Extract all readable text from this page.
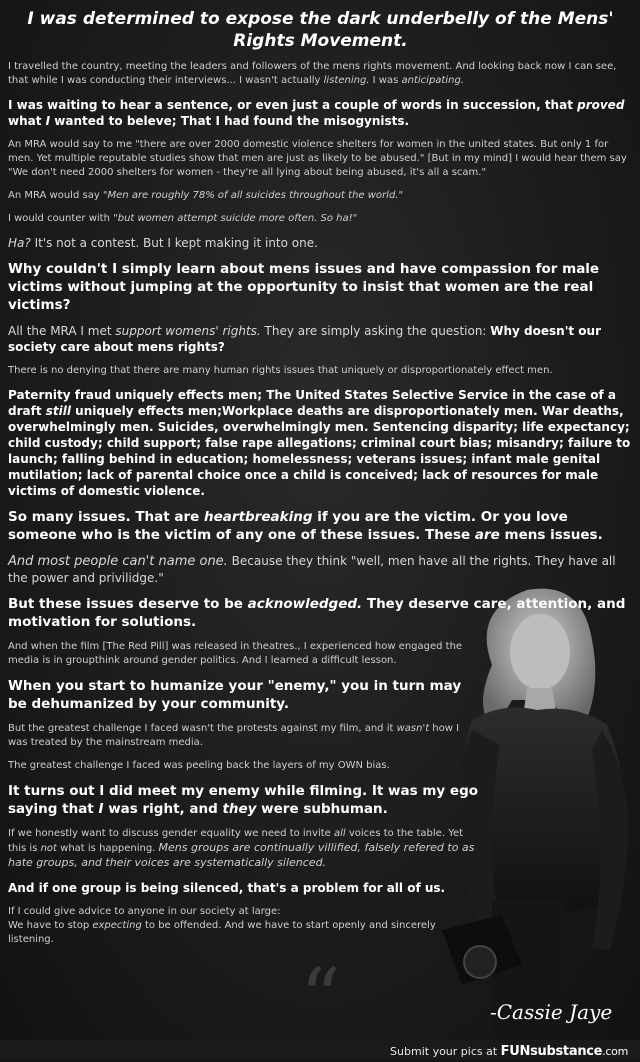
“
I was determined to expose the dark underbelly of the Mens' Rights Movement.

I travelled the country, meeting the leaders and followers of the mens rights movement. And looking back now I can see, that while I was conducting their interviews... I wasn't actually listening. I was anticipating.

I was waiting to hear a sentence, or even just a couple of words in succession, that proved what I wanted to beleve; That I had found the misogynists.

An MRA would say to me "there are over 2000 domestic violence shelters for women in the united states. But only 1 for men. Yet multiple reputable studies show that men are just as likely to be abused." [But in my mind] I would hear them say "We don't need 2000 shelters for women - they're all lying about being abused, it's all a scam."

An MRA would say "Men are roughly 78% of all suicides throughout the world."

I would counter with "but women attempt suicide more often. So ha!"

Ha? It's not a contest. But I kept making it into one.

Why couldn't I simply learn about mens issues and have compassion for male victims without jumping at the opportunity to insist that women are the real victims?

All the MRA I met support womens' rights. They are simply asking the question: Why doesn't our society care about mens rights?

There is no denying that there are many human rights issues that uniquely or disproportionately effect men.

Paternity fraud uniquely effects men; The United States Selective Service in the case of a draft still uniquely effects men;Workplace deaths are disproportionately men. War deaths, overwhelmingly men. Suicides, overwhelmingly men. Sentencing disparity; life expectancy; child custody; child support; false rape allegations; criminal court bias; misandry; failure to launch; falling behind in education; homelessness; veterans issues; infant male genital mutilation; lack of parental choice once a child is conceived; lack of resources for male victims of domestic violence.

So many issues. That are heartbreaking if you are the victim. Or you love someone who is the victim of any one of these issues. These are mens issues.

And most people can't name one. Because they think "well, men have all the rights. They have all the power and privilidge."

But these issues deserve to be acknowledged. They deserve care, attention, and motivation for solutions.

And when the film [The Red Pill] was released in theatres., I experienced how engaged the media is in groupthink around gender politics. And I learned a difficult lesson.

When you start to humanize your "enemy," you in turn may be dehumanized by your community.

But the greatest challenge I faced wasn't the protests against my film, and it wasn't how I was treated by the mainstream media.

The greatest challenge I faced was peeling back the layers of my OWN bias.

It turns out I did meet my enemy while filming. It was my ego saying that I was right, and they were subhuman.

If we honestly want to discuss gender equality we need to invite all voices to the table. Yet this is not what is happening. Mens groups are continually villified, falsely refered to as hate groups, and their voices are systematically silenced.

And if one group is being silenced, that's a problem for all of us.

If I could give advice to anyone in our society at large:
We have to stop expecting to be offended. And we have to start openly and sincerely listening.

-Cassie Jaye
Submit your pics at FUNsubstance.com
